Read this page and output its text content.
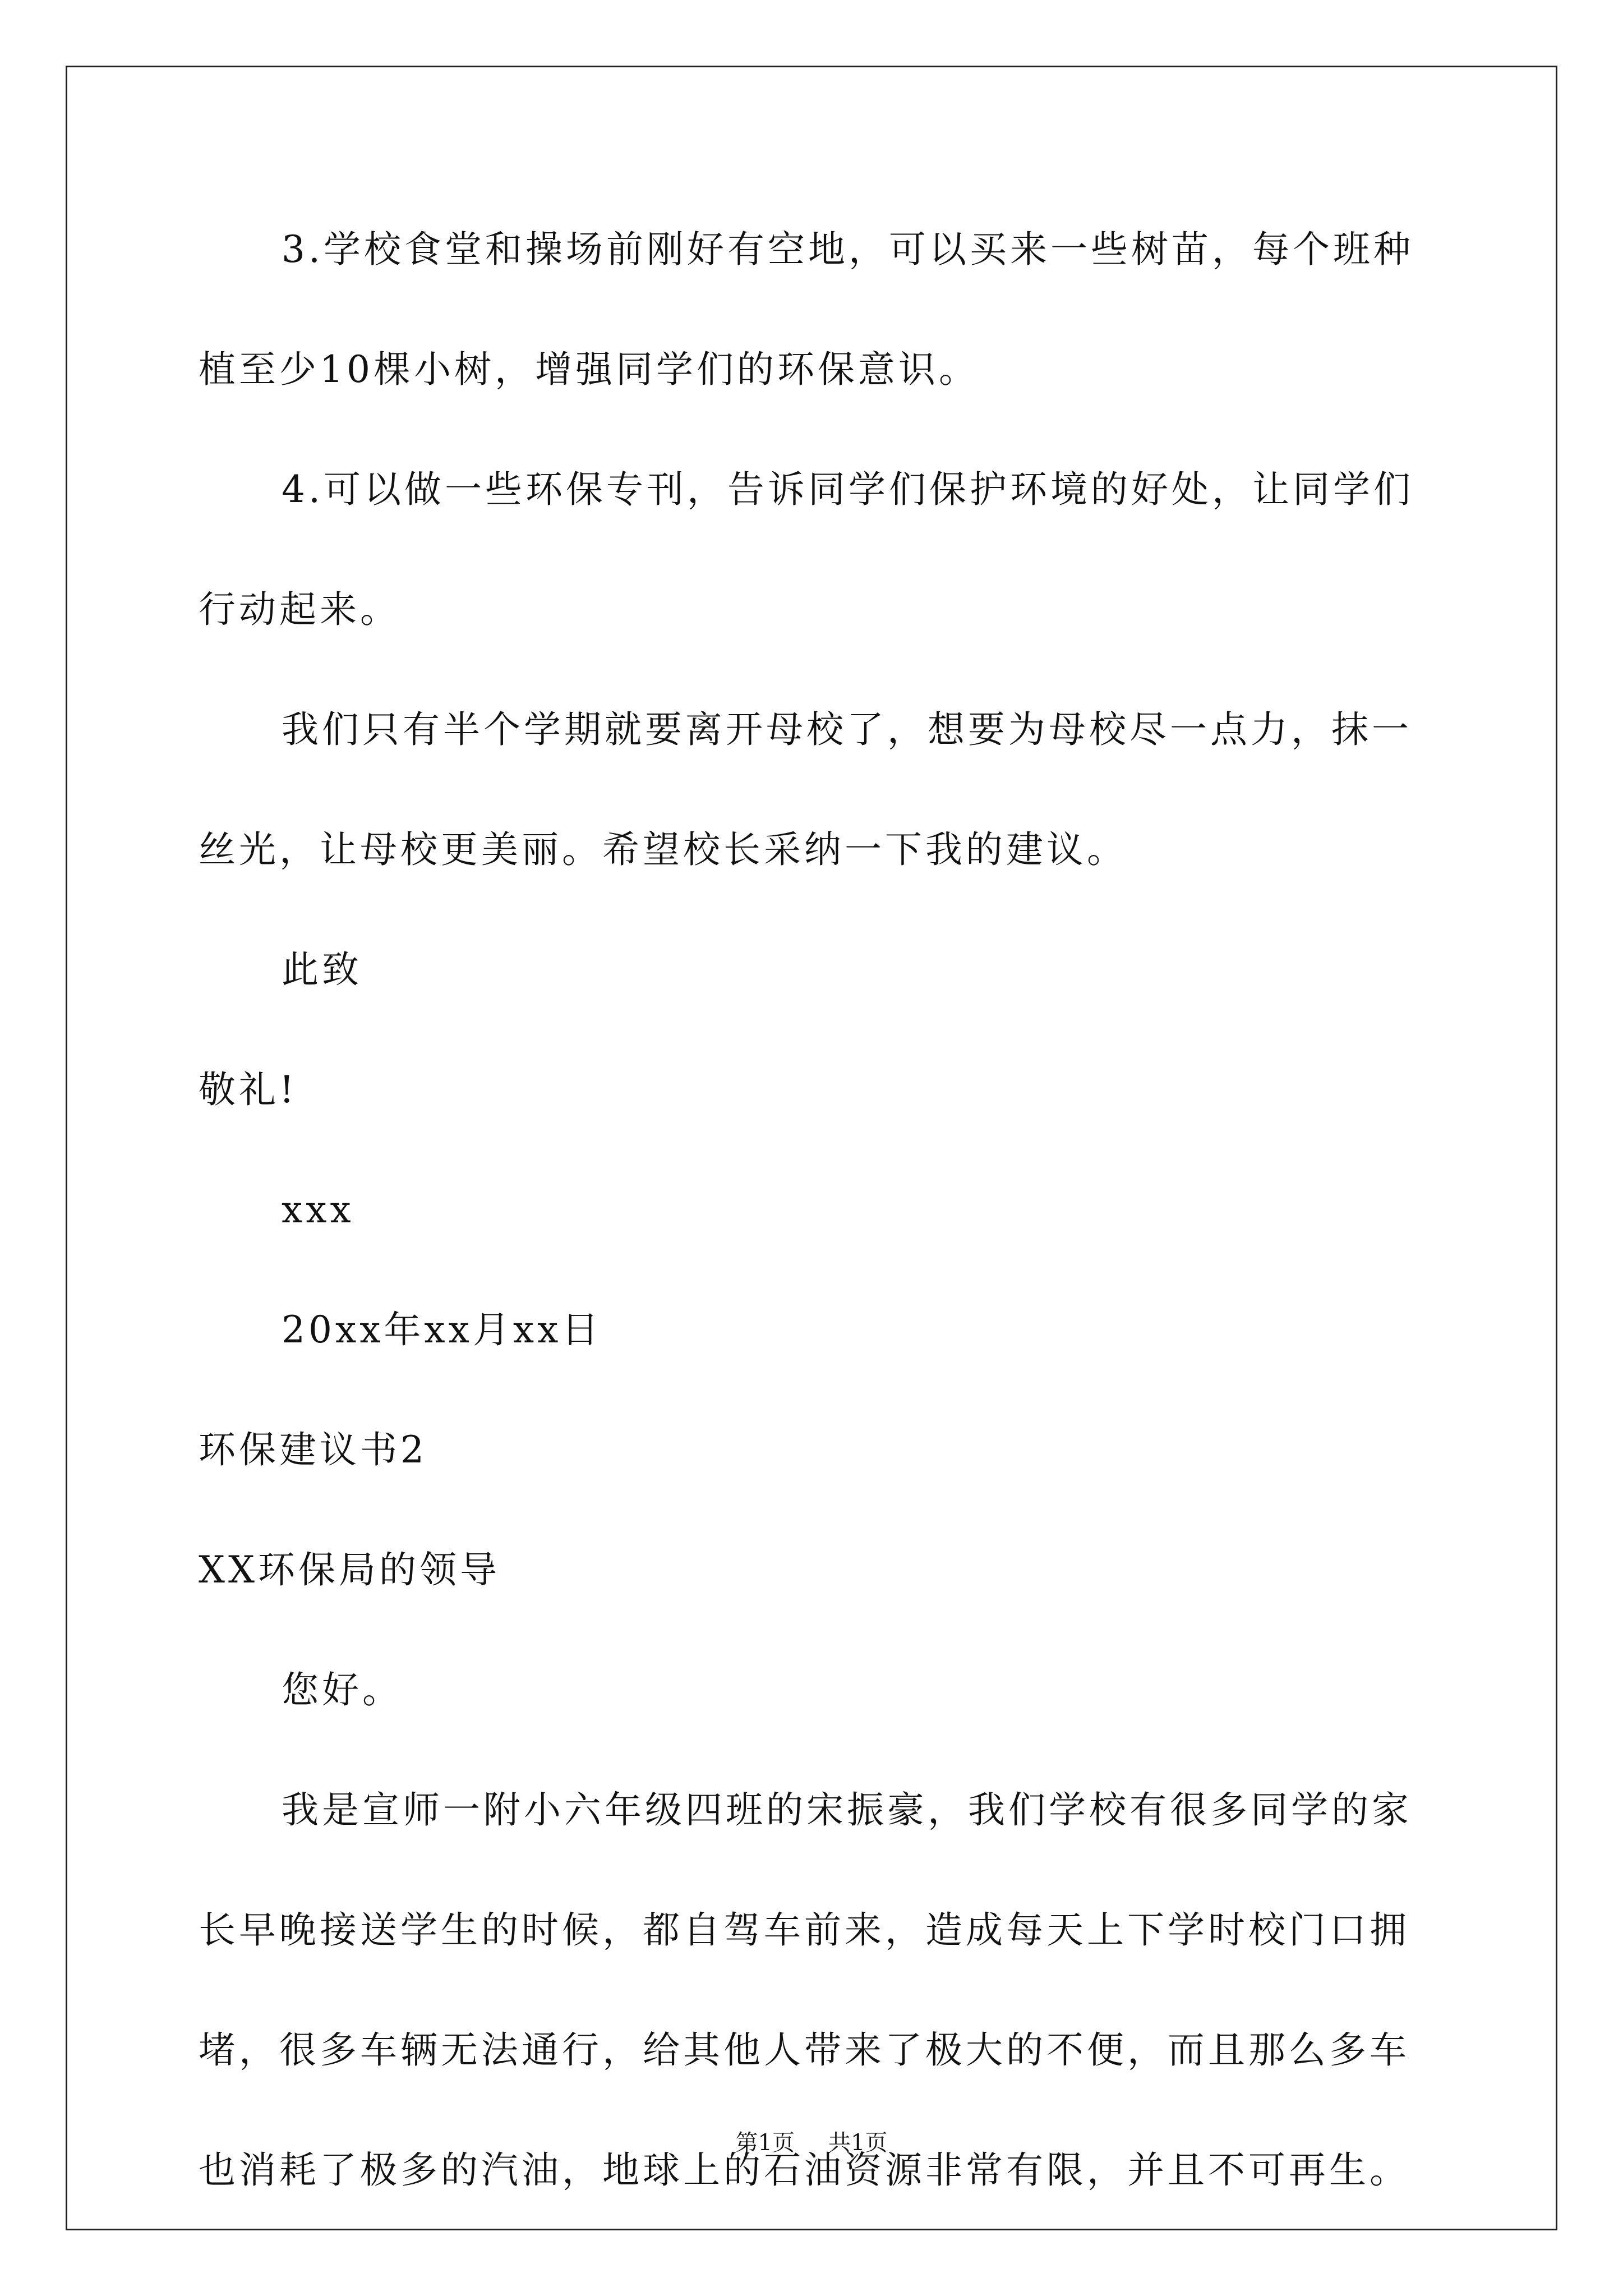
3.学校食堂和操场前刚好有空地，可以买来一些树苗，每个班种
植至少10棵小树，增强同学们的环保意识。
4.可以做一些环保专刊，告诉同学们保护环境的好处，让同学们
行动起来。
我们只有半个学期就要离开母校了，想要为母校尽一点力，抹一
丝光，让母校更美丽。希望校长采纳一下我的建议。
此致
敬礼!
xxx
20xx年xx月xx日
环保建议书2
XX环保局的领导
您好。
我是宣师一附小六年级四班的宋振豪，我们学校有很多同学的家
长早晚接送学生的时候，都自驾车前来，造成每天上下学时校门口拥
堵，很多车辆无法通行，给其他人带来了极大的不便，而且那么多车
也消耗了极多的汽油，地球上的石油资源非常有限，并且不可再生。
第1页 共1页
